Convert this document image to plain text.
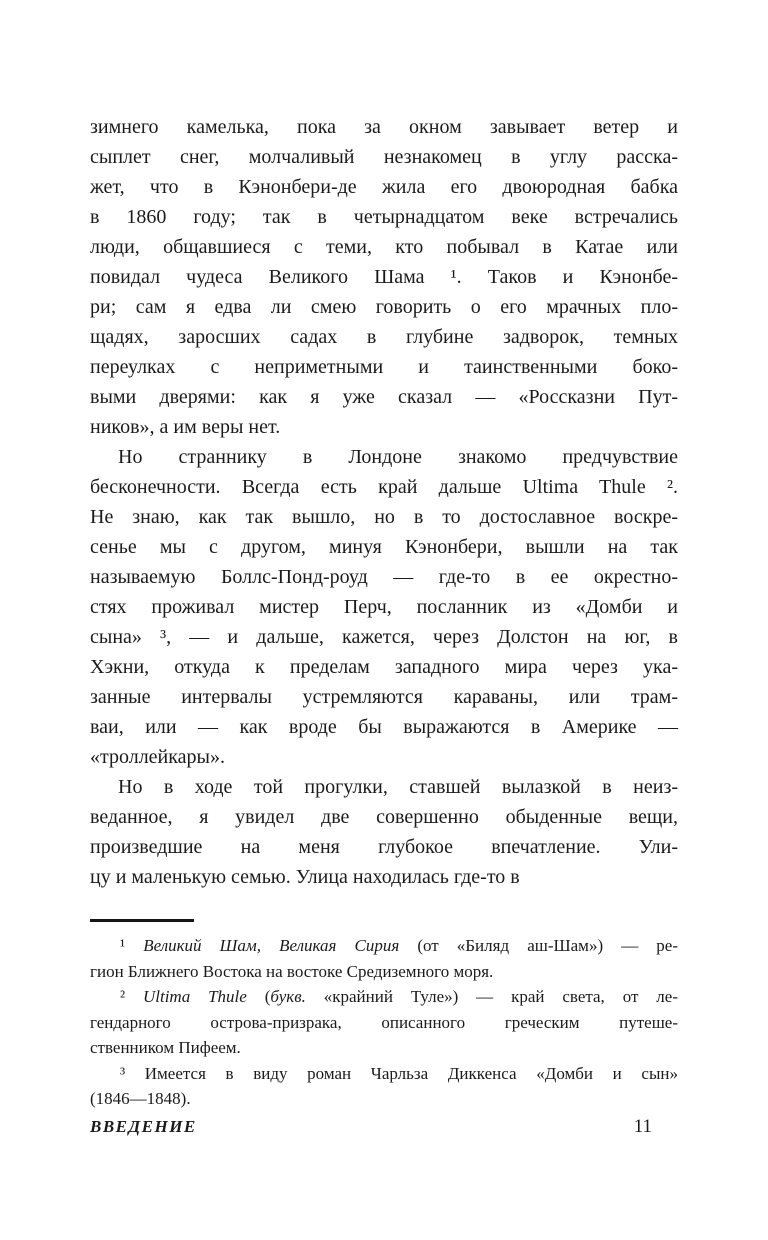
зимнего камелька, пока за окном завывает ветер и
сыплет снег, молчаливый незнакомец в углу расска-
жет, что в Кэнонбери-де жила его двоюродная бабка
в 1860 году; так в четырнадцатом веке встречались
люди, общавшиеся с теми, кто побывал в Катае или
повидал чудеса Великого Шама ¹. Таков и Кэнонбе-
ри; сам я едва ли смею говорить о его мрачных пло-
щадях, заросших садах в глубине задворок, темных
переулках с неприметными и таинственными боко-
выми дверями: как я уже сказал — «Россказни Пут-
ников», а им веры нет.
Но страннику в Лондоне знакомо предчувствие
бесконечности. Всегда есть край дальше Ultima Thule ².
Не знаю, как так вышло, но в то достославное воскре-
сенье мы с другом, минуя Кэнонбери, вышли на так
называемую Боллс-Понд-роуд — где-то в ее окрестно-
стях проживал мистер Перч, посланник из «Домби и
сына» ³, — и дальше, кажется, через Долстон на юг, в
Хэкни, откуда к пределам западного мира через ука-
занные интервалы устремляются караваны, или трам-
ваи, или — как вроде бы выражаются в Америке —
«троллейкары».
Но в ходе той прогулки, ставшей вылазкой в неиз-
веданное, я увидел две совершенно обыденные вещи,
произведшие на меня глубокое впечатление. Ули-
цу и маленькую семью. Улица находилась где-то в
¹ Великий Шам, Великая Сирия (от «Биляд аш-Шам») — ре-
гион Ближнего Востока на востоке Средиземного моря.
² Ultima Thule (букв. «крайний Туле») — край света, от ле-
гендарного острова-призрака, описанного греческим путеше-
ственником Пифеем.
³ Имеется в виду роман Чарльза Диккенса «Домби и сын»
(1846—1848).
ВВЕДЕНИЕ	11
